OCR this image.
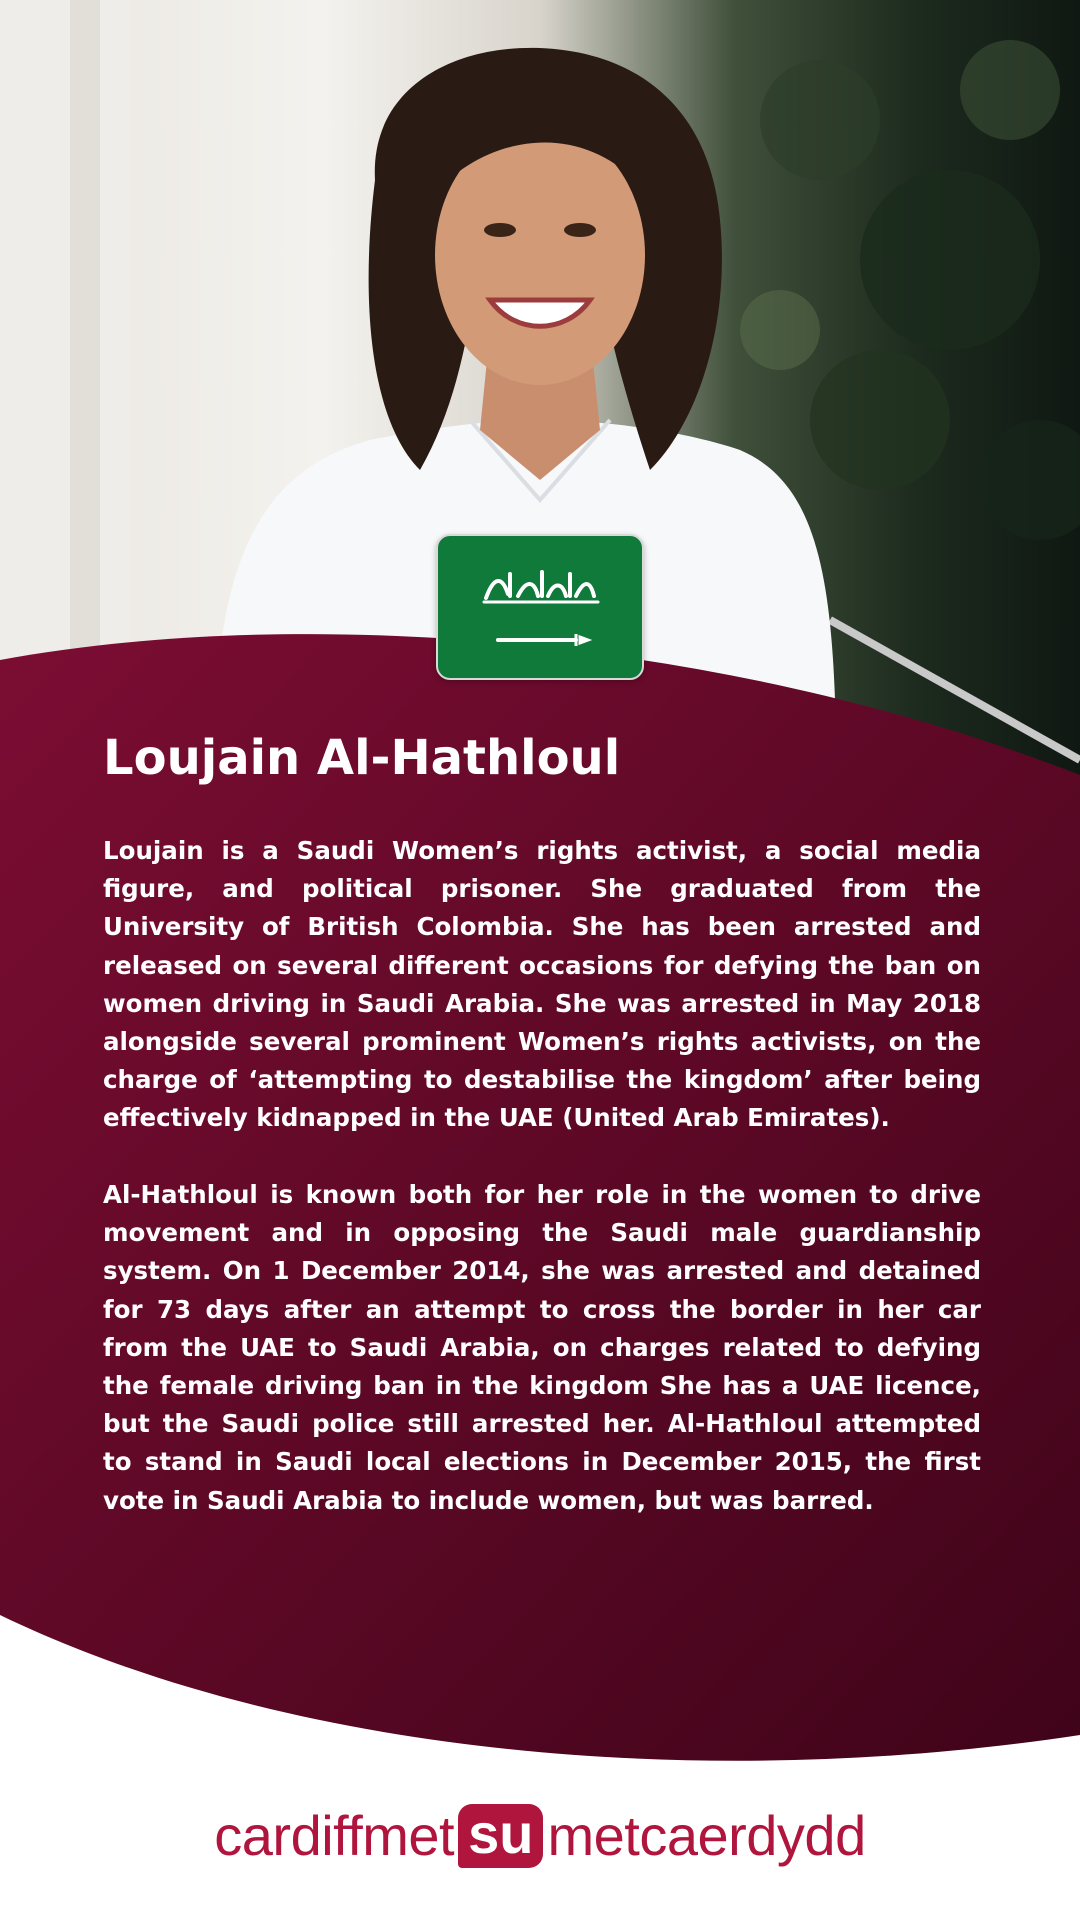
Loujain Al-Hathloul

Loujain is a Saudi Women’s rights activist, a social media figure, and political prisoner. She graduated from the University of British Colombia. She has been arrested and released on several different occasions for defying the ban on women driving in Saudi Arabia. She was arrested in May 2018 alongside several prominent Women’s rights activists, on the charge of ‘attempting to destabilise the kingdom’ after being effectively kidnapped in the UAE (United Arab Emirates).

Al-Hathloul is known both for her role in the women to drive movement and in opposing the Saudi male guardianship system. On 1 December 2014, she was arrested and detained for 73 days after an attempt to cross the border in her car from the UAE to Saudi Arabia, on charges related to defying the female driving ban in the kingdom She has a UAE licence, but the Saudi police still arrested her. Al-Hathloul attempted to stand in Saudi local elections in December 2015, the first vote in Saudi Arabia to include women, but was barred.

cardiffmet su metcaerdydd
